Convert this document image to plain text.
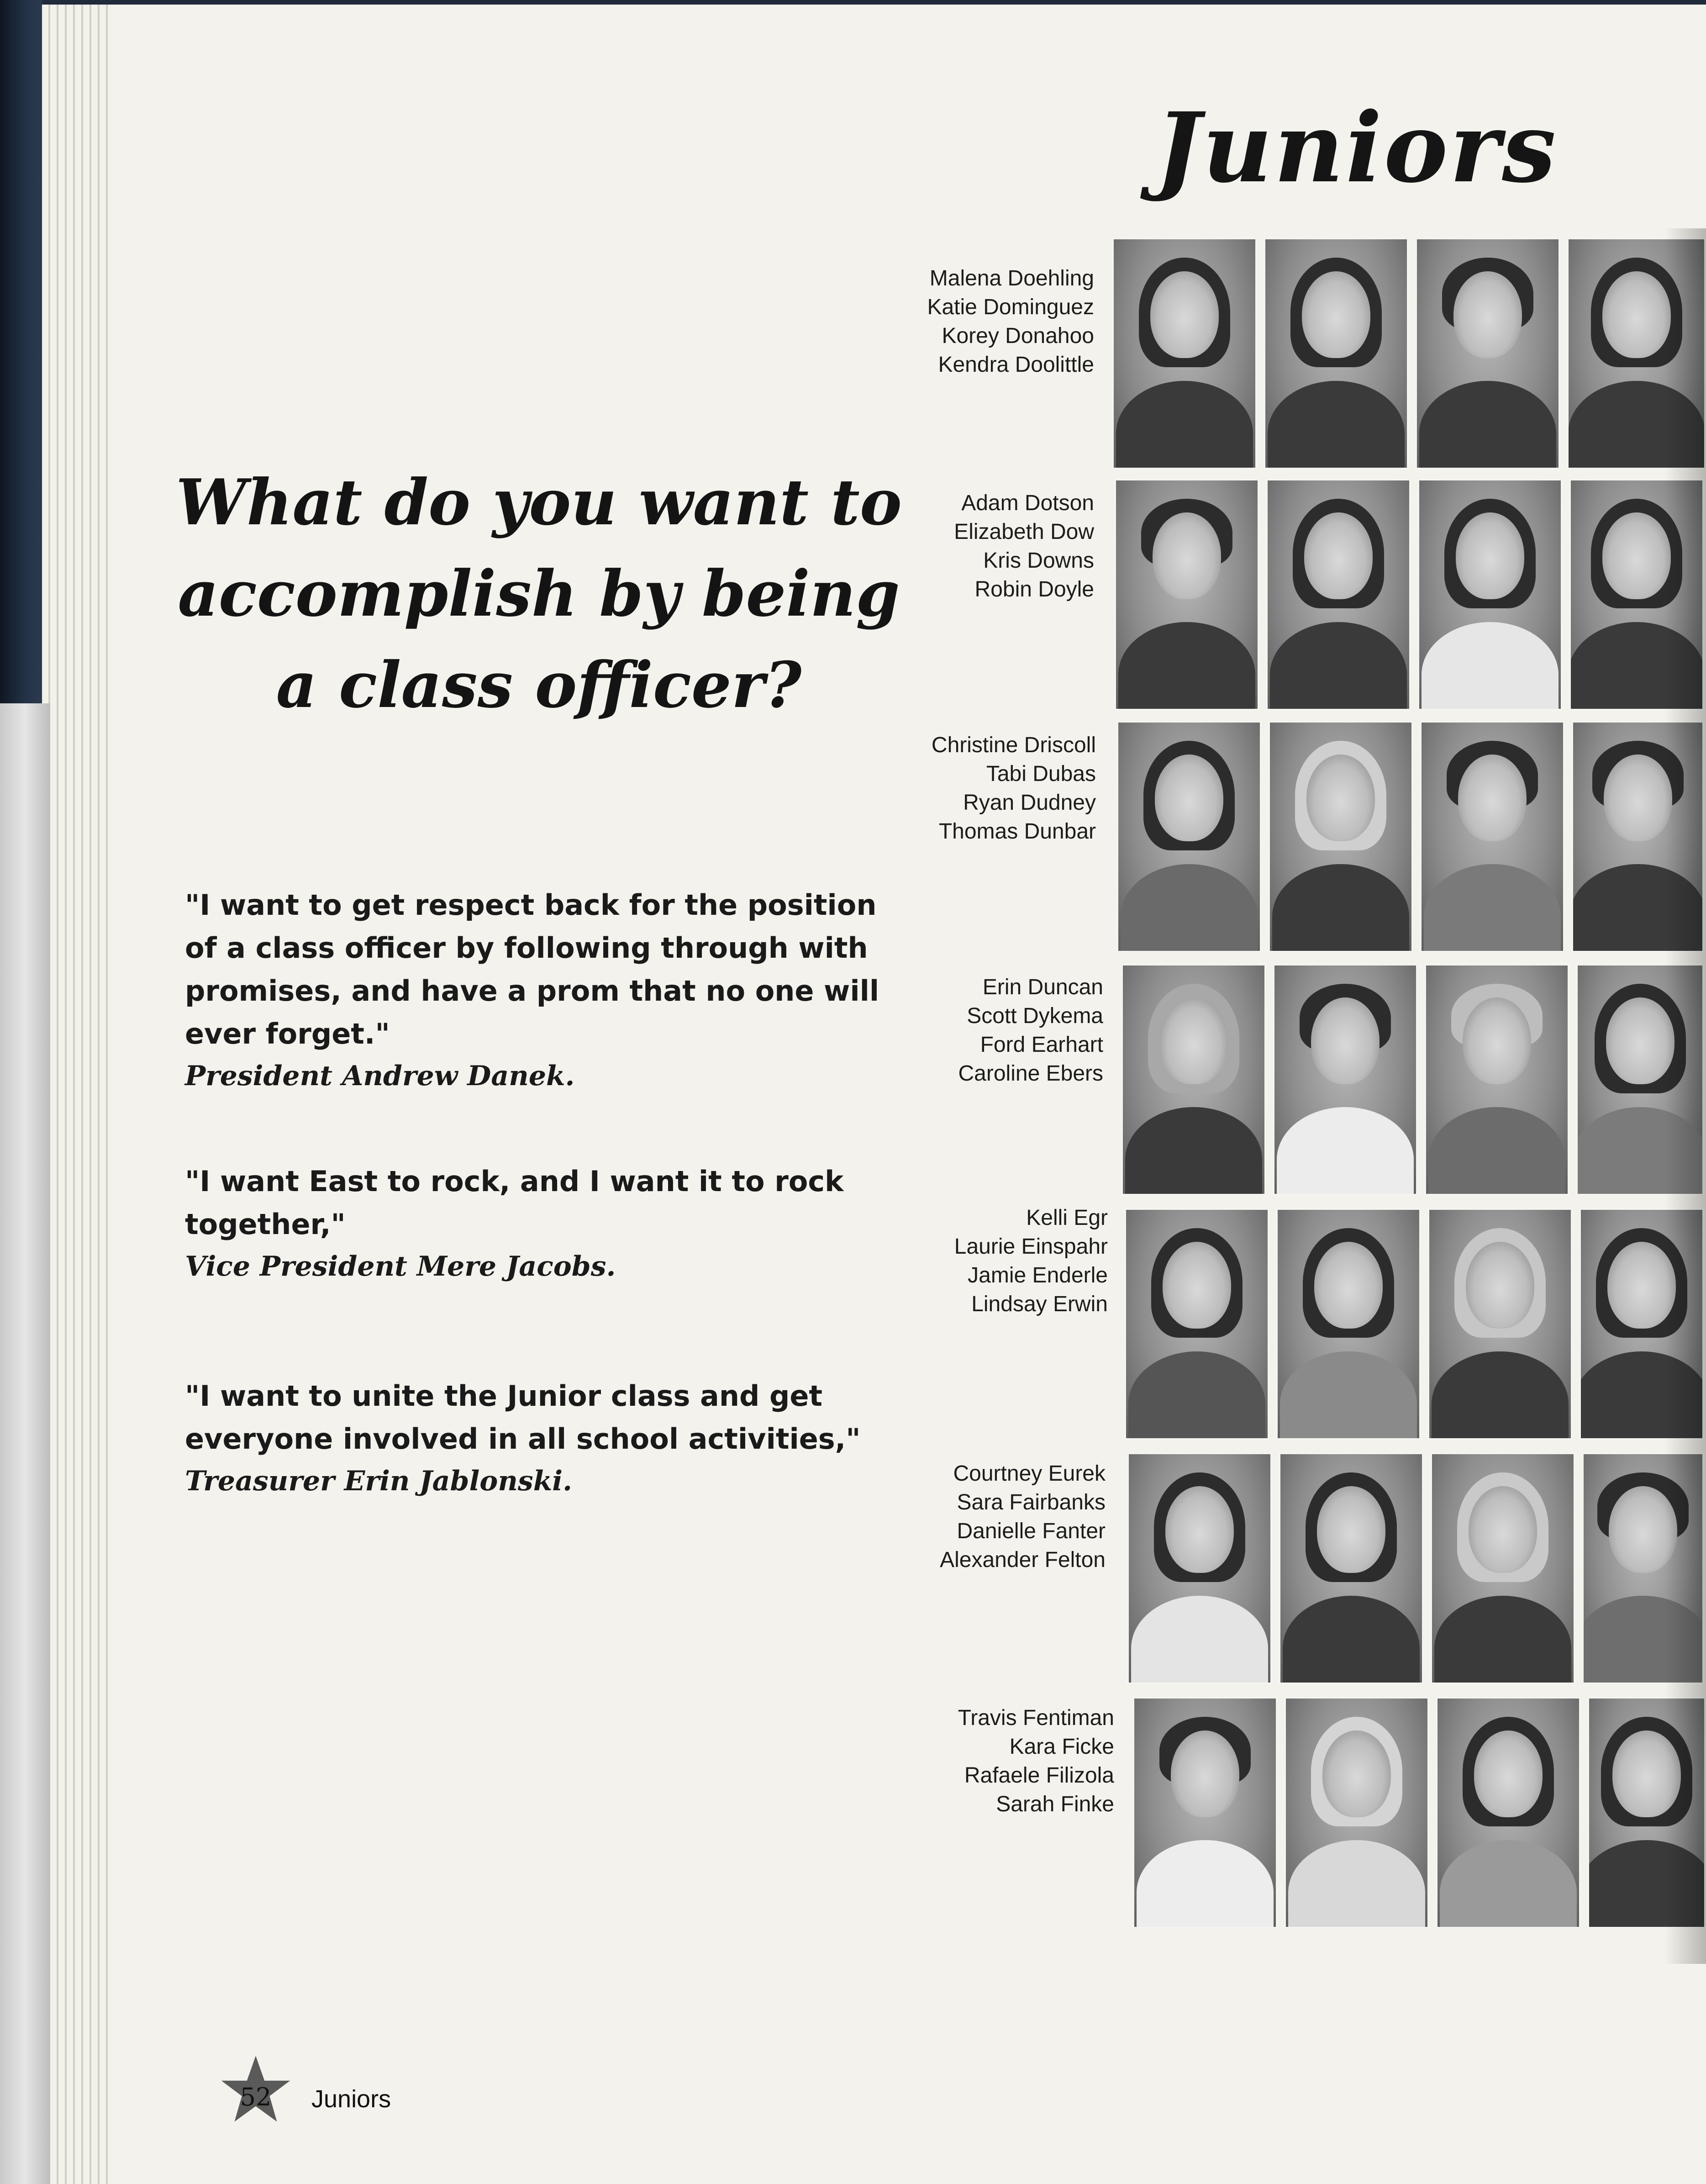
Juniors
What do you want to accomplish by being a class officer?
"I want to get respect back for the position of a class officer by following through with promises, and have a prom that no one will ever forget."
President Andrew Danek.
"I want East to rock, and I want it to rock together,"
Vice President Mere Jacobs.
"I want to unite the Junior class and get everyone involved in all school activities,"
Treasurer Erin Jablonski.
Malena Doehling
Katie Dominguez
Korey Donahoo
Kendra Doolittle
Adam Dotson
Elizabeth Dow
Kris Downs
Robin Doyle
Christine Driscoll
Tabi Dubas
Ryan Dudney
Thomas Dunbar
Erin Duncan
Scott Dykema
Ford Earhart
Caroline Ebers
Kelli Egr
Laurie Einspahr
Jamie Enderle
Lindsay Erwin
Courtney Eurek
Sara Fairbanks
Danielle Fanter
Alexander Felton
Travis Fentiman
Kara Ficke
Rafaele Filizola
Sarah Finke
52	Juniors
